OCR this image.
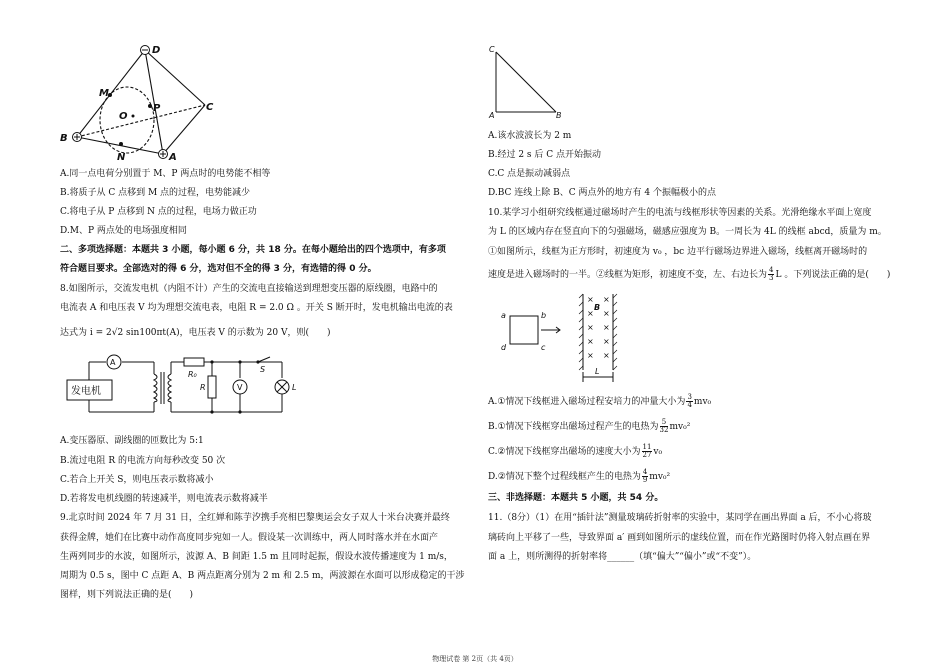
D
M
O
P	C
B
N	A
A.同一点电荷分别置于 M、P 两点时的电势能不相等
B.将质子从 C 点移到 M 点的过程，电势能减少
C.将电子从 P 点移到 N 点的过程，电场力做正功
D.M、P 两点处的电场强度相同
二、多项选择题：本题共 3 小题，每小题 6 分，共 18 分。在每小题给出的四个选项中，有多项
符合题目要求。全部选对的得 6 分，选对但不全的得 3 分，有选错的得 0 分。
8.如图所示，交流发电机（内阻不计）产生的交流电直接输送到理想变压器的原线圈，电路中的
电流表 A 和电压表 V 均为理想交流电表，电阻 R = 2.0 Ω 。开关 S 断开时，发电机输出电流的表
达式为 i = 2√2 sin100πt(A)，电压表 V 的示数为 20 V，则(　　)
A
发电机
R₀
R	V
S
L
A.变压器原、副线圈的匝数比为 5:1
B.流过电阻 R 的电流方向每秒改变 50 次
C.若合上开关 S，则电压表示数将减小
D.若将发电机线圈的转速减半，则电流表示数将减半
9.北京时间 2024 年 7 月 31 日，全红婵和陈芋汐携手亮相巴黎奥运会女子双人十米台决赛并最终
获得金牌，她们在比赛中动作高度同步宛如一人。假设某一次训练中，两人同时落水并在水面产
生两列同步的水波，如图所示，波源 A、B 间距 1.5 m 且同时起振，假设水波传播速度为 1 m/s，
周期为 0.5 s，图中 C 点距 A、B 两点距离分别为 2 m 和 2.5 m，两波源在水面可以形成稳定的干涉
图样，则下列说法正确的是(　　)
C
A	B
A.该水波波长为 2 m
B.经过 2 s 后 C 点开始振动
C.C 点是振动减弱点
D.BC 连线上除 B、C 两点外的地方有 4 个振幅极小的点
10.某学习小组研究线框通过磁场时产生的电流与线框形状等因素的关系。光滑绝缘水平面上宽度
为 L 的区域内存在竖直向下的匀强磁场，磁感应强度为 B。一周长为 4L 的线框 abcd，质量为 m。
①如图所示，线框为正方形时，初速度为 v₀ ，bc 边平行磁场边界进入磁场，线框离开磁场时的
速度是进入磁场时的一半。②线框为矩形，初速度不变，左、右边长为 $\frac{4}{3}$ L 。下列说法正确的是(　　)
a	b
c
d
B
L
× ×
× ×
× ×
× ×
× ×
A.①情况下线框进入磁场过程安培力的冲量大小为 $\frac{3}{4} mv_0$
B.①情况下线框穿出磁场过程产生的电热为 $\frac{5}{32} mv_0^2$
C.②情况下线框穿出磁场的速度大小为 $\frac{11}{27} v_0$
D.②情况下整个过程线框产生的电热为 $\frac{4}{9} mv_0^2$
三、非选择题：本题共 5 小题，共 54 分。
11.（8分）（1）在用“插针法”测量玻璃砖折射率的实验中，某同学在画出界面 a 后，不小心将玻
璃砖向上平移了一些，导致界面 a′ 画到如图所示的虚线位置，而在作光路图时仍将入射点画在界
面 a 上，则所测得的折射率将______（填“偏大”“偏小”或“不变”）。
物理试卷 第 2页（共 4页）
